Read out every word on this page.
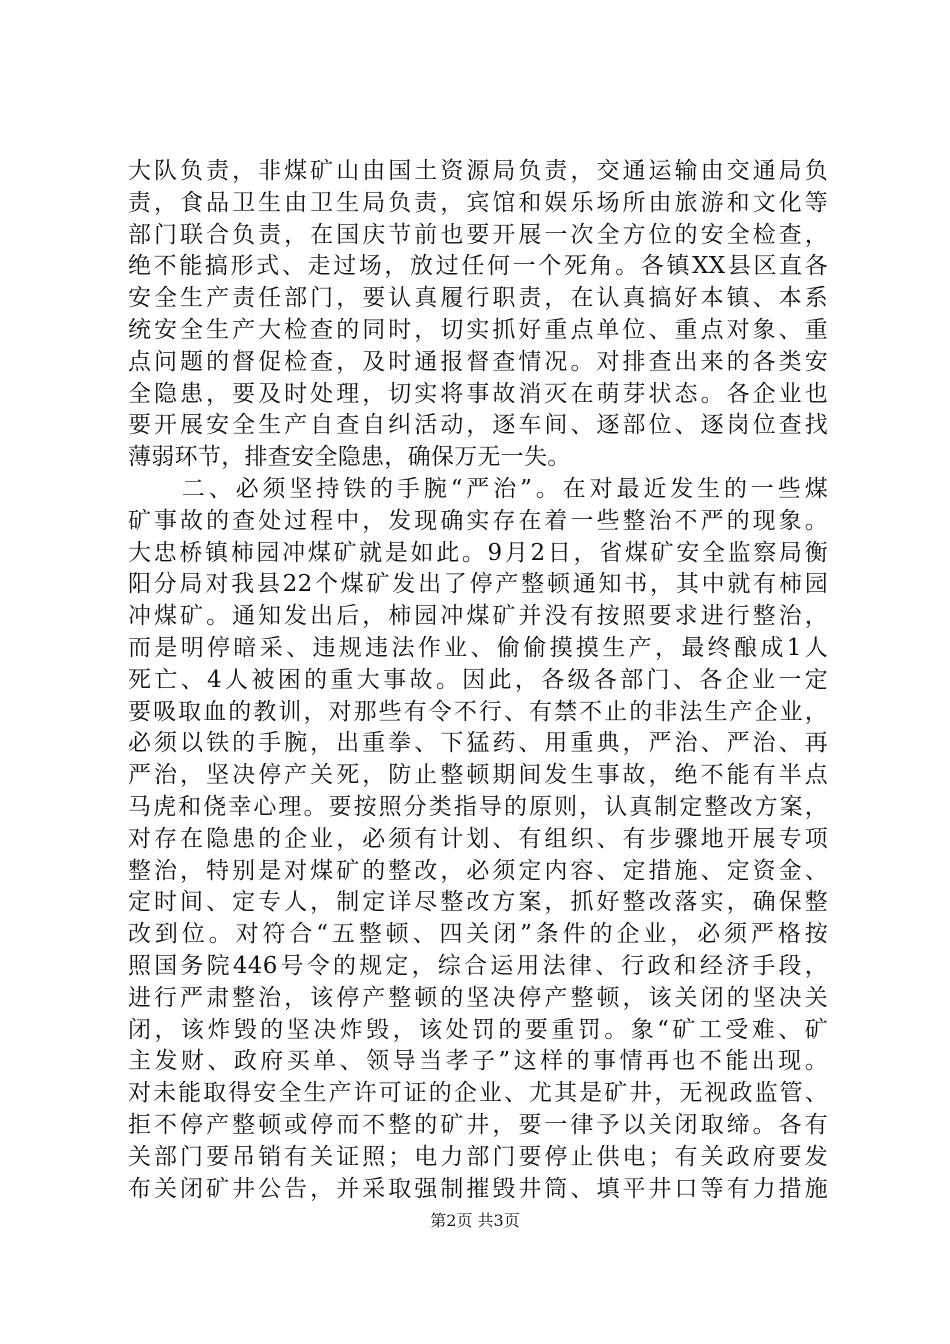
大队负责，非煤矿山由国土资源局负责，交通运输由交通局负
责，食品卫生由卫生局负责，宾馆和娱乐场所由旅游和文化等
部门联合负责，在国庆节前也要开展一次全方位的安全检查，
绝不能搞形式、走过场，放过任何一个死角。各镇XX县区直各
安全生产责任部门，要认真履行职责，在认真搞好本镇、本系
统安全生产大检查的同时，切实抓好重点单位、重点对象、重
点问题的督促检查，及时通报督查情况。对排查出来的各类安
全隐患，要及时处理，切实将事故消灭在萌芽状态。各企业也
要开展安全生产自查自纠活动，逐车间、逐部位、逐岗位查找
薄弱环节，排查安全隐患，确保万无一失。
　　二、必须坚持铁的手腕“严治”。在对最近发生的一些煤
矿事故的查处过程中，发现确实存在着一些整治不严的现象。
大忠桥镇柿园冲煤矿就是如此。9月2日，省煤矿安全监察局衡
阳分局对我县22个煤矿发出了停产整顿通知书，其中就有柿园
冲煤矿。通知发出后，柿园冲煤矿并没有按照要求进行整治，
而是明停暗采、违规违法作业、偷偷摸摸生产，最终酿成1人
死亡、4人被困的重大事故。因此，各级各部门、各企业一定
要吸取血的教训，对那些有令不行、有禁不止的非法生产企业，
必须以铁的手腕，出重拳、下猛药、用重典，严治、严治、再
严治，坚决停产关死，防止整顿期间发生事故，绝不能有半点
马虎和侥幸心理。要按照分类指导的原则，认真制定整改方案，
对存在隐患的企业，必须有计划、有组织、有步骤地开展专项
整治，特别是对煤矿的整改，必须定内容、定措施、定资金、
定时间、定专人，制定详尽整改方案，抓好整改落实，确保整
改到位。对符合“五整顿、四关闭”条件的企业，必须严格按
照国务院446号令的规定，综合运用法律、行政和经济手段，
进行严肃整治，该停产整顿的坚决停产整顿，该关闭的坚决关
闭，该炸毁的坚决炸毁，该处罚的要重罚。象“矿工受难、矿
主发财、政府买单、领导当孝子”这样的事情再也不能出现。
对未能取得安全生产许可证的企业、尤其是矿井，无视政监管、
拒不停产整顿或停而不整的矿井，要一律予以关闭取缔。各有
关部门要吊销有关证照；电力部门要停止供电；有关政府要发
布关闭矿井公告，并采取强制摧毁井筒、填平井口等有力措施
第2页 共3页
